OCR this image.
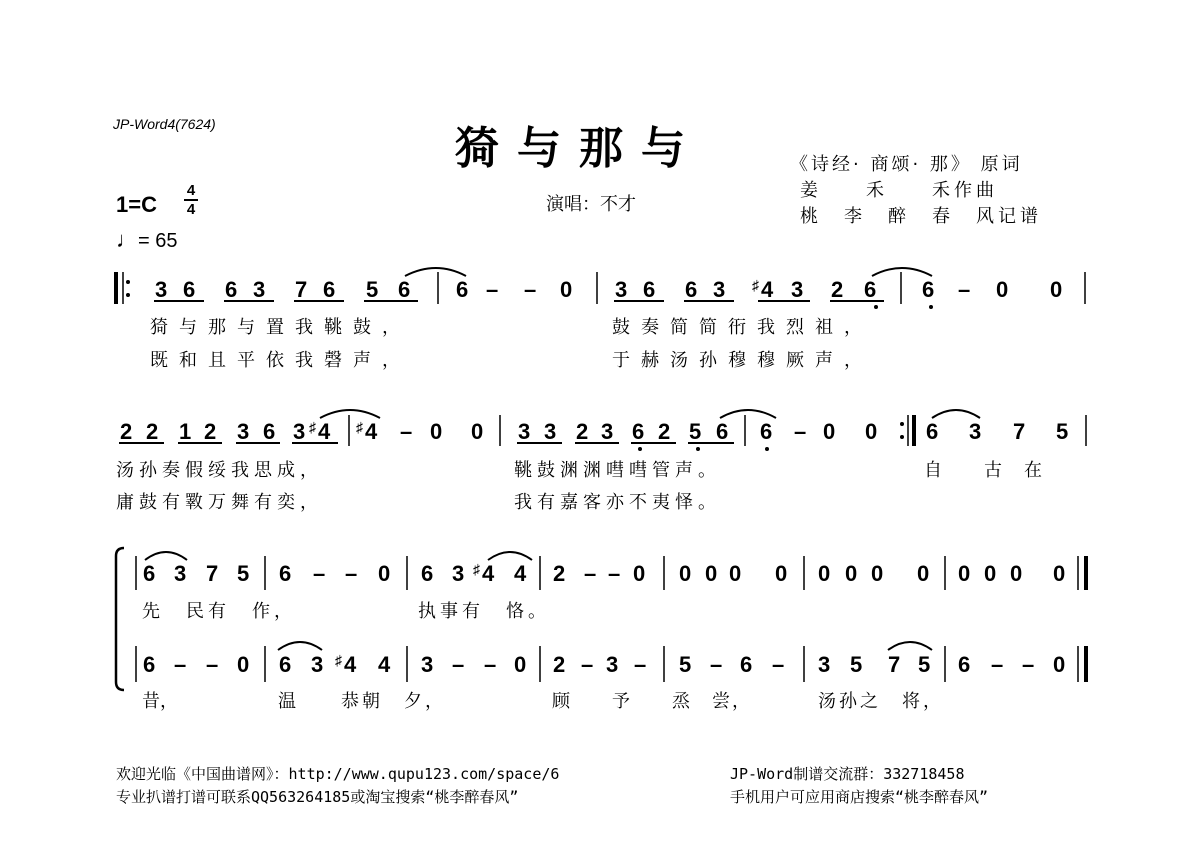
JP-Word4(7624)	猗与那与	《诗经· 商颂· 那》 原词
姜　　禾　　禾作曲
桃　李　醉　春　风记谱
演唱：不才
1=C
4
4
♩= 65
3 6 6 3 7 6 5 6 6 – – 0 3 6 6 3 ♯ 4 3 2 6 6 – 0 0
2 2 1 2 3 6 3 ♯ 4 ♯ 4 – 0 0 3 3 2 3 6 2 5 6 6 – 0 0 6 3 7 5
6 3 7 5 6 – – 0 6 3 ♯ 4 4 2 – – 0 0 0 0 0 0 0 0 0 0 0 0 0
6 – – 0 6 3 ♯ 4 4 3 – – 0 2 – 3 – 5 – 6 – 3 5 7 5 6 – – 0
猗与那与置我鞉鼓，	鼓奏简简衎我烈祖，
既和且平依我磬声，	于赫汤孙穆穆厥声，
汤孙奏假绥我思成，	鞉鼓渊渊嘒嘒管声。	自　　古　在
庸鼓有斁万舞有奕，	我有嘉客亦不夷怿。
先　民有　作，	执事有　恪。
昔，	温　　恭朝　夕，	顾　　予　　烝　尝，	汤孙之　将，
欢迎光临《中国曲谱网》：http://www.qupu123.com/space/6	JP-Word制谱交流群：332718458
专业扒谱打谱可联系QQ563264185或淘宝搜索“桃李醉春风”	手机用户可应用商店搜索“桃李醉春风”
